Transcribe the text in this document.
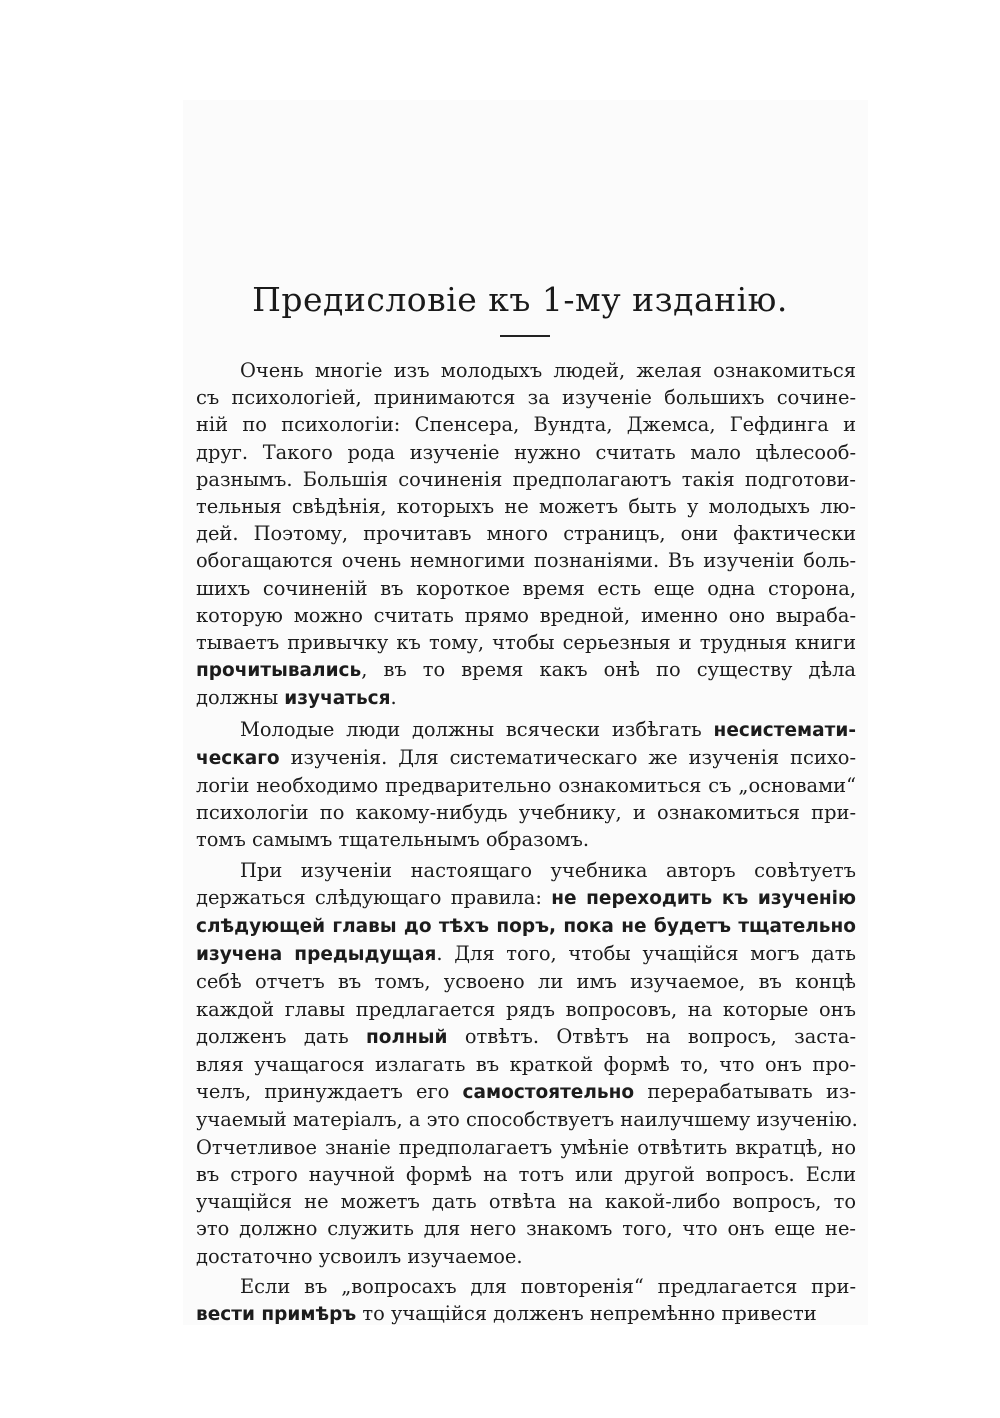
Предисловіе къ 1-му изданію.
Очень многіе изъ молодыхъ людей, желая ознакомиться
съ психологіей, принимаются за изученіе большихъ сочине-
ній по психологіи: Спенсера, Вундта, Джемса, Гефдинга и
друг. Такого рода изученіе нужно считать мало цѣлесооб-
разнымъ. Большія сочиненія предполагаютъ такія подготови-
тельныя свѣдѣнія, которыхъ не можетъ быть у молодыхъ лю-
дей. Поэтому, прочитавъ много страницъ, они фактически
обогащаются очень немногими познаніями. Въ изученіи боль-
шихъ сочиненій въ короткое время есть еще одна сторона,
которую можно считать прямо вредной, именно оно выраба-
тываетъ привычку къ тому, чтобы серьезныя и трудныя книги
прочитывались, въ то время какъ онѣ по существу дѣла
должны изучаться.
Молодые люди должны всячески избѣгать несистемати-
ческаго изученія. Для систематическаго же изученія психо-
логіи необходимо предварительно ознакомиться съ „основами“
психологіи по какому-нибудь учебнику, и ознакомиться при-
томъ самымъ тщательнымъ образомъ.
При изученіи настоящаго учебника авторъ совѣтуетъ
держаться слѣдующаго правила: не переходить къ изученію
слѣдующей главы до тѣхъ поръ, пока не будетъ тщательно
изучена предыдущая. Для того, чтобы учащійся могъ дать
себѣ отчетъ въ томъ, усвоено ли имъ изучаемое, въ концѣ
каждой главы предлагается рядъ вопросовъ, на которые онъ
долженъ дать полный отвѣтъ. Отвѣтъ на вопросъ, заста-
вляя учащагося излагать въ краткой формѣ то, что онъ про-
челъ, принуждаетъ его самостоятельно перерабатывать из-
учаемый матеріалъ, а это способствуетъ наилучшему изученію.
Отчетливое знаніе предполагаетъ умѣніе отвѣтить вкратцѣ, но
въ строго научной формѣ на тотъ или другой вопросъ. Если
учащійся не можетъ дать отвѣта на какой-либо вопросъ, то
это должно служить для него знакомъ того, что онъ еще не-
достаточно усвоилъ изучаемое.
Если въ „вопросахъ для повторенія“ предлагается при-
вести примѣръ то учащійся долженъ непремѣнно привести
